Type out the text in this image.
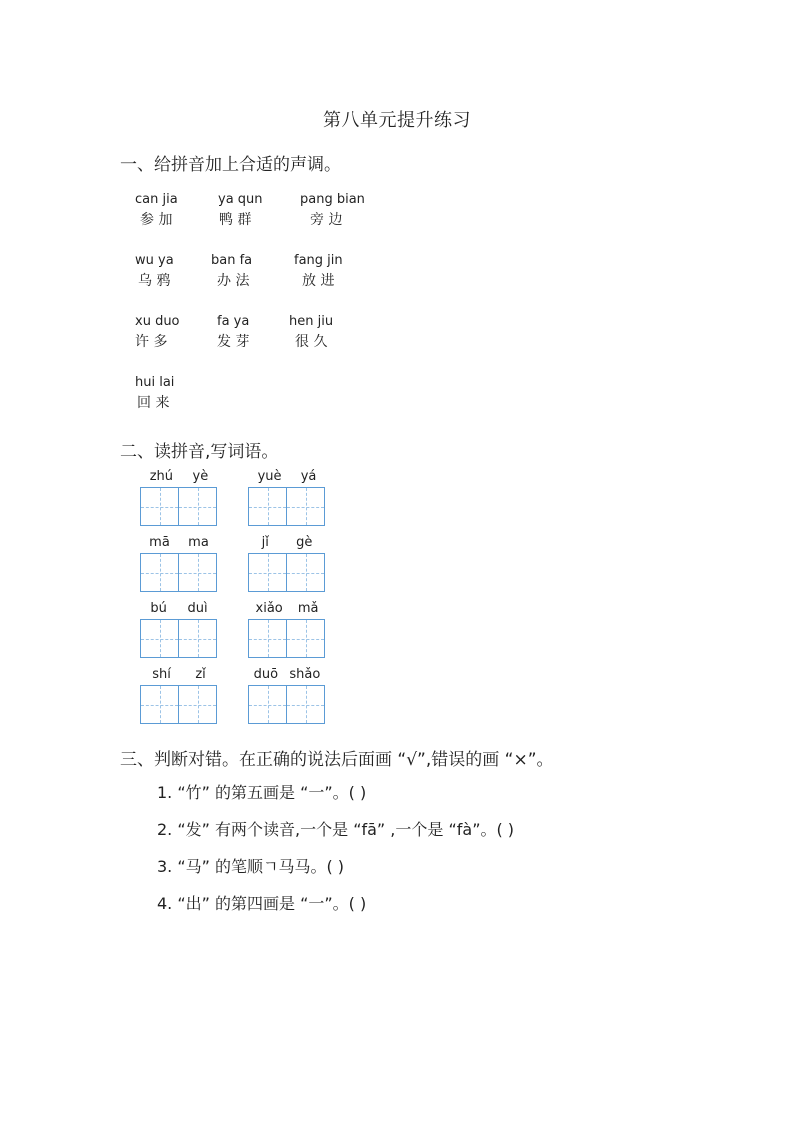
第八单元提升练习
一、给拼音加上合适的声调。
can jia
参 加
ya qun
鸭 群
pang bian
旁 边
wu ya
乌 鸦
ban fa
办 法
fang jin
放 进
xu duo
许 多
fa ya
发 芽
hen jiu
很 久
hui lai
回 来
二、读拼音,写词语。
zhú yè	yuè yá
mā ma	jǐ gè
bú duì	xiǎo mǎ
shí zǐ	duō shǎo
三、判断对错。在正确的说法后面画 “√”,错误的画 “×”。
1. “竹” 的第五画是 “一”。( )
2. “发” 有两个读音,一个是 “fā” ,一个是 “fà”。( )
3. “马” 的笔顺ㄱ马马。( )
4. “出” 的第四画是 “一”。( )
